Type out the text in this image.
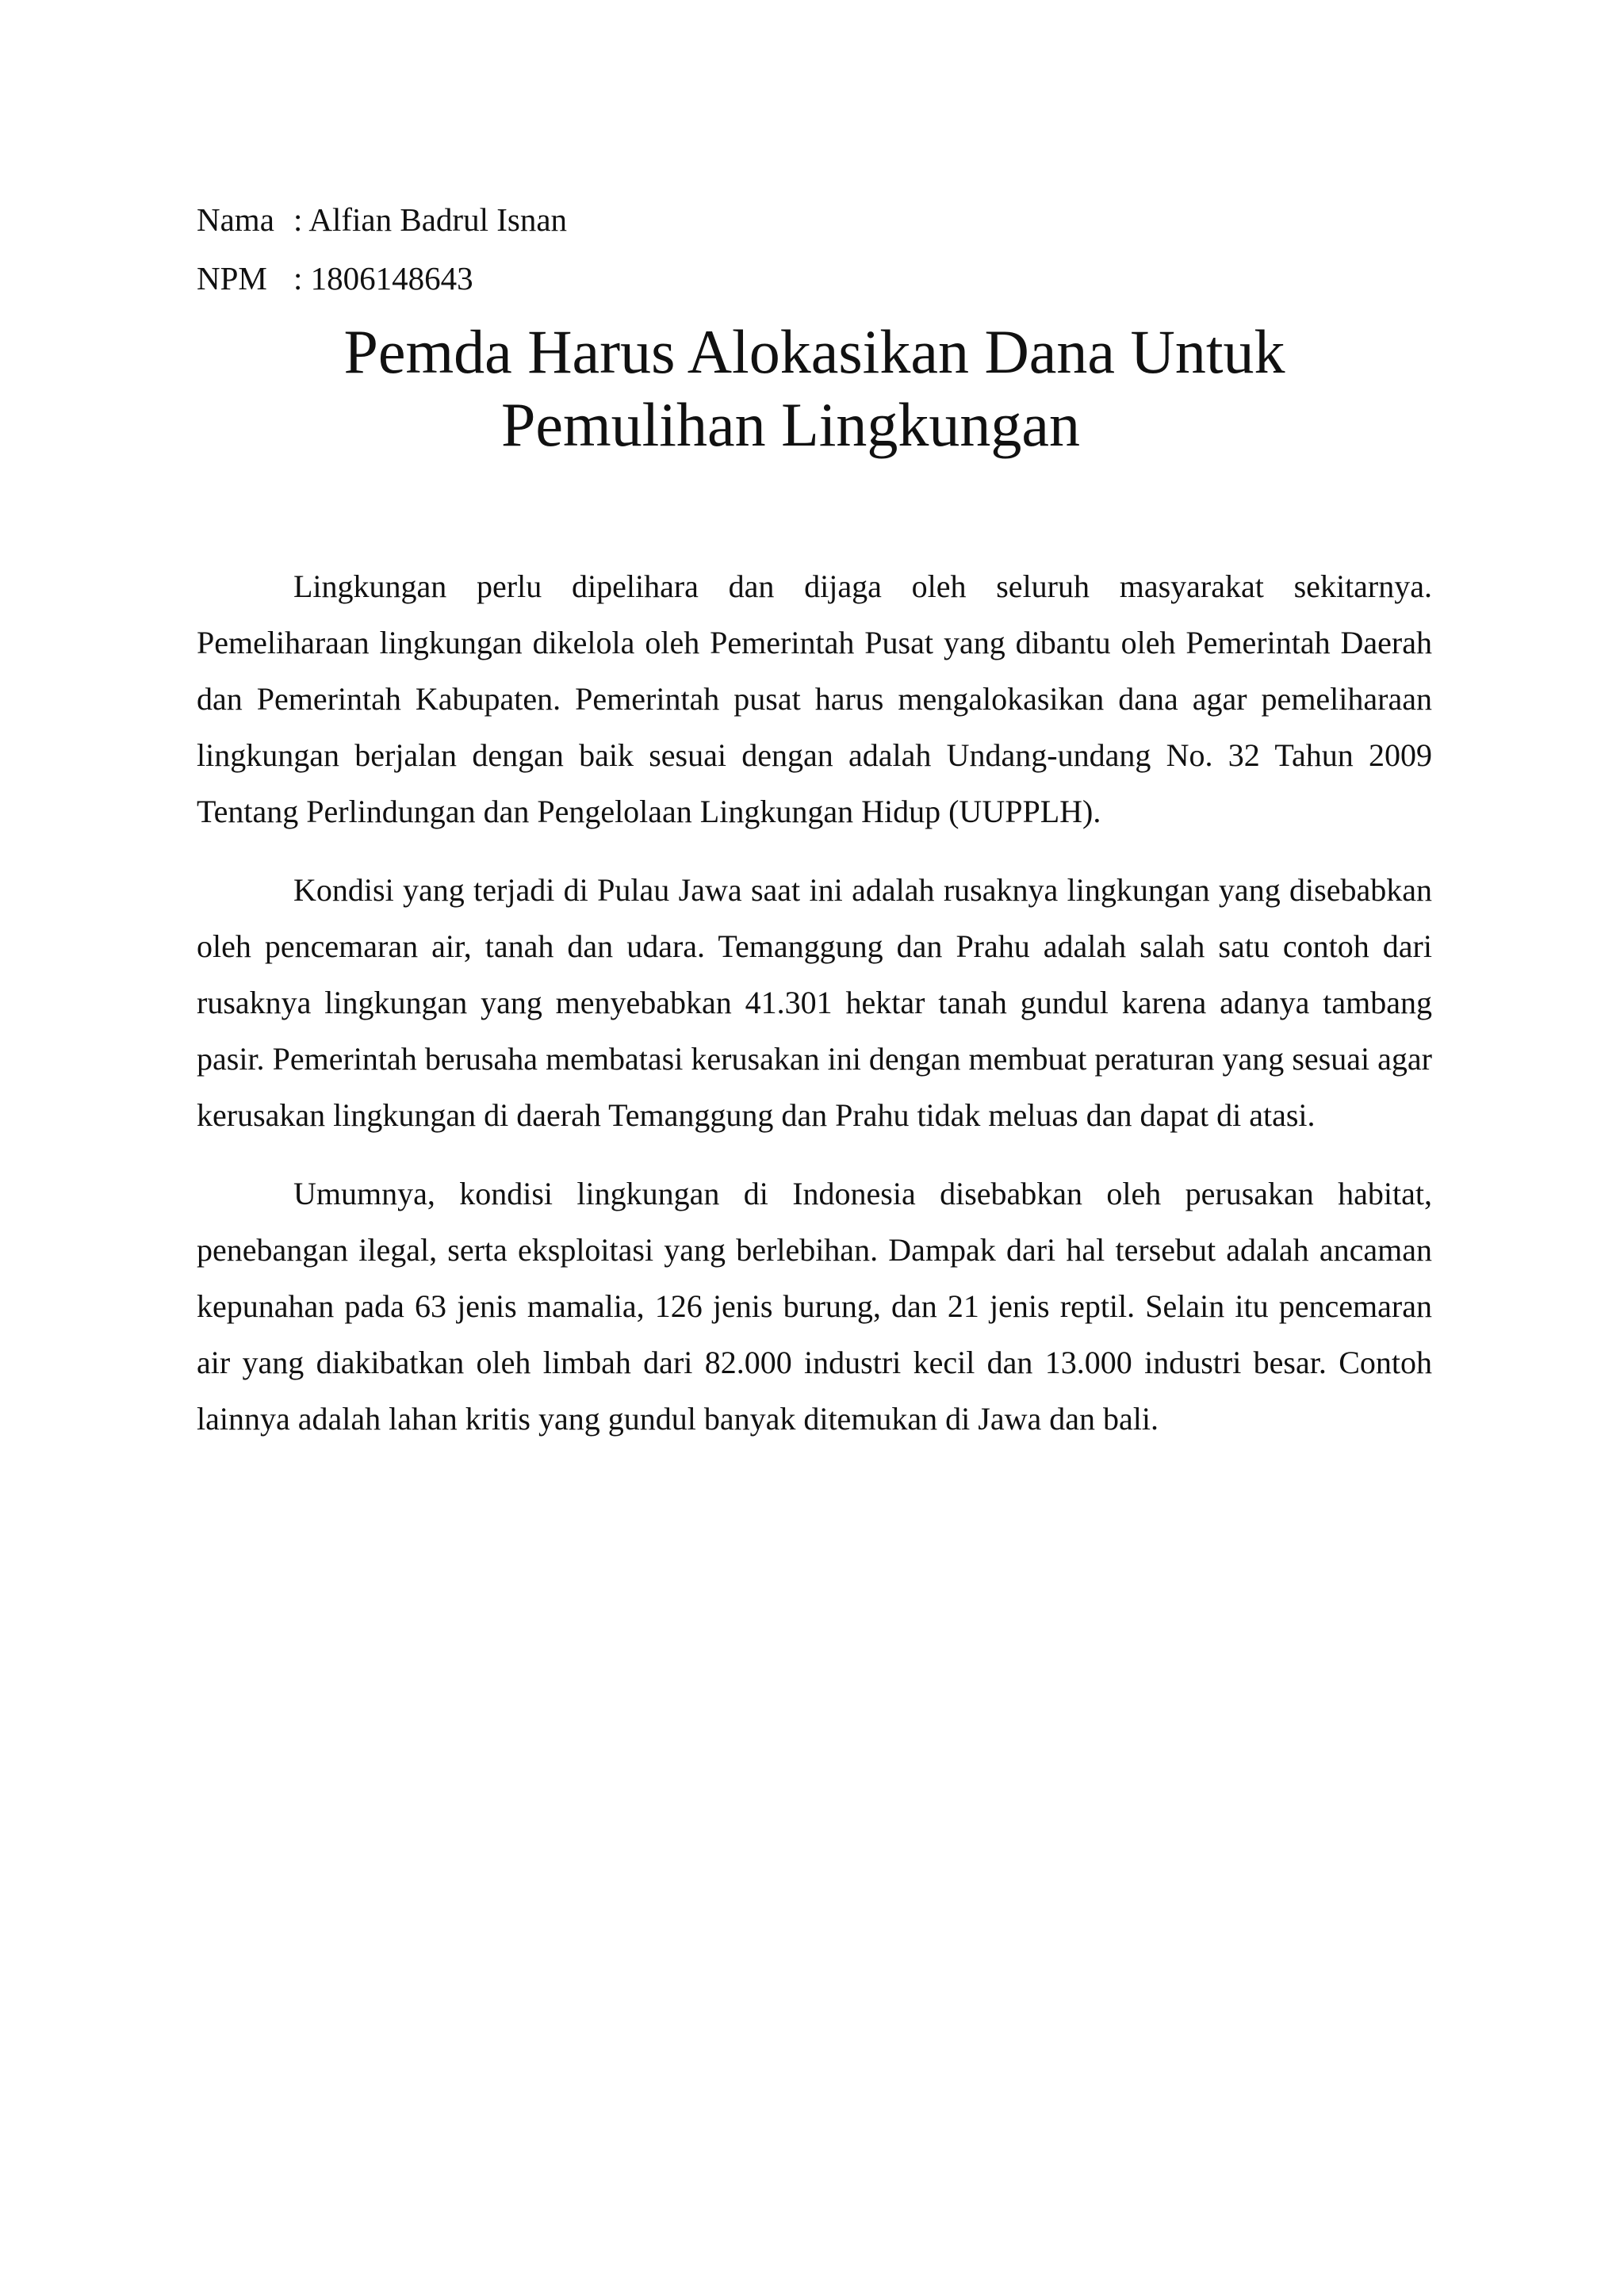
Nama : Alfian Badrul Isnan
NPM : 1806148643
Pemda Harus Alokasikan Dana Untuk
Pemulihan Lingkungan

Lingkungan perlu dipelihara dan dijaga oleh seluruh masyarakat sekitarnya. Pemeliharaan lingkungan dikelola oleh Pemerintah Pusat yang dibantu oleh Pemerintah Daerah dan Pemerintah Kabupaten. Pemerintah pusat harus mengalokasikan dana agar pemeliharaan lingkungan berjalan dengan baik sesuai dengan adalah Undang-undang No. 32 Tahun 2009 Tentang Perlindungan dan Pengelolaan Lingkungan Hidup (UUPPLH).

Kondisi yang terjadi di Pulau Jawa saat ini adalah rusaknya lingkungan yang disebabkan oleh pencemaran air, tanah dan udara. Temanggung dan Prahu adalah salah satu contoh dari rusaknya lingkungan yang menyebabkan 41.301 hektar tanah gundul karena adanya tambang pasir. Pemerintah berusaha membatasi kerusakan ini dengan membuat peraturan yang sesuai agar kerusakan lingkungan di daerah Temanggung dan Prahu tidak meluas dan dapat di atasi.

Umumnya, kondisi lingkungan di Indonesia disebabkan oleh perusakan habitat, penebangan ilegal, serta eksploitasi yang berlebihan. Dampak dari hal tersebut adalah ancaman kepunahan pada 63 jenis mamalia, 126 jenis burung, dan 21 jenis reptil. Selain itu pencemaran air yang diakibatkan oleh limbah dari 82.000 industri kecil dan 13.000 industri besar. Contoh lainnya adalah lahan kritis yang gundul banyak ditemukan di Jawa dan bali.
